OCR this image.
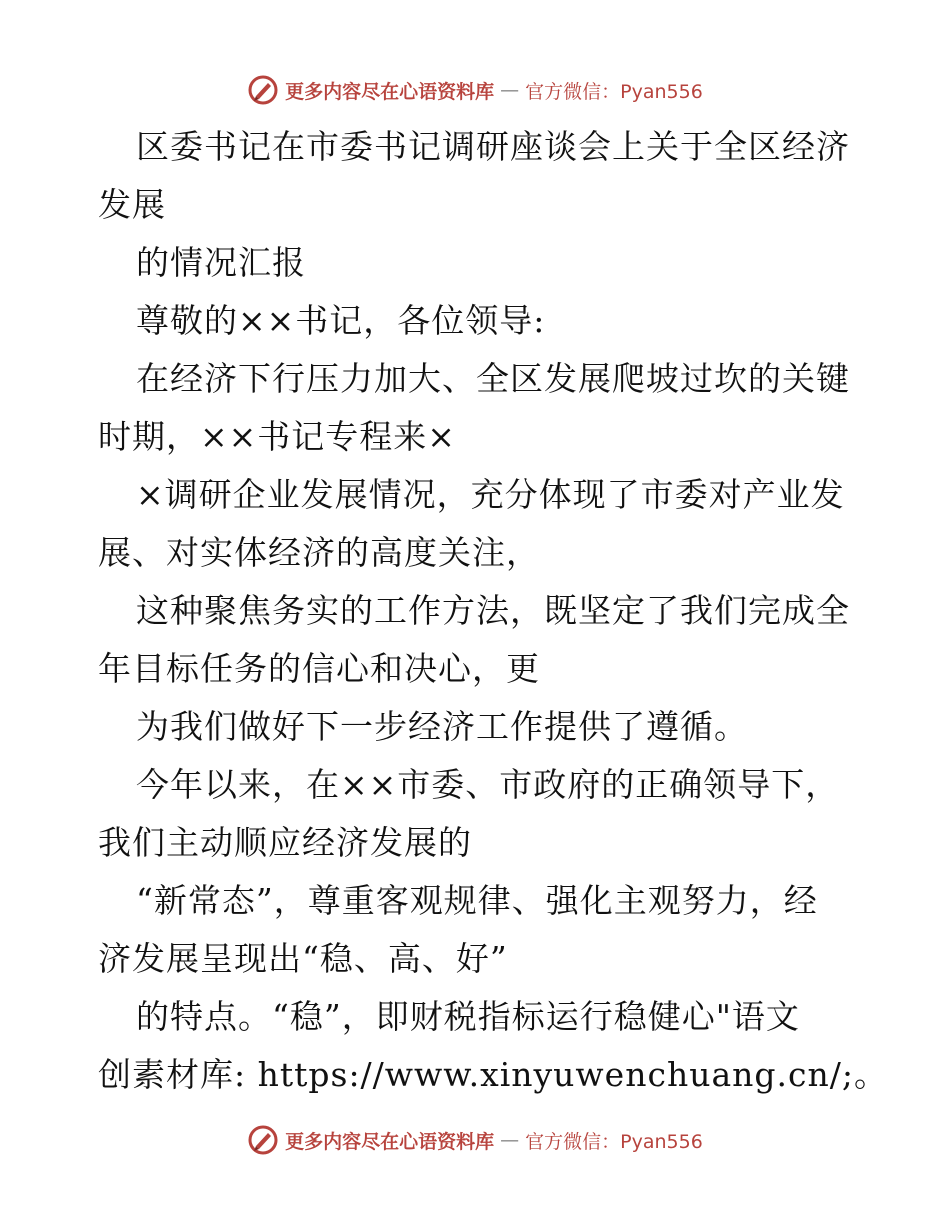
更多内容尽在心语资料库 — 官方微信：Pyan556
区委书记在市委书记调研座谈会上关于全区经济
发展
的情况汇报
尊敬的××书记，各位领导:
在经济下行压力加大、全区发展爬坡过坎的关键
时期，××书记专程来×
×调研企业发展情况，充分体现了市委对产业发
展、对实体经济的高度关注，
这种聚焦务实的工作方法，既坚定了我们完成全
年目标任务的信心和决心，更
为我们做好下一步经济工作提供了遵循。
今年以来，在××市委、市政府的正确领导下，
我们主动顺应经济发展的
“新常态”，尊重客观规律、强化主观努力，经
济发展呈现出“稳、高、好”
的特点。“稳”，即财税指标运行稳健心"语文
创素材库: https://www.xinyuwenchuang.cn/;。
更多内容尽在心语资料库 — 官方微信：Pyan556
